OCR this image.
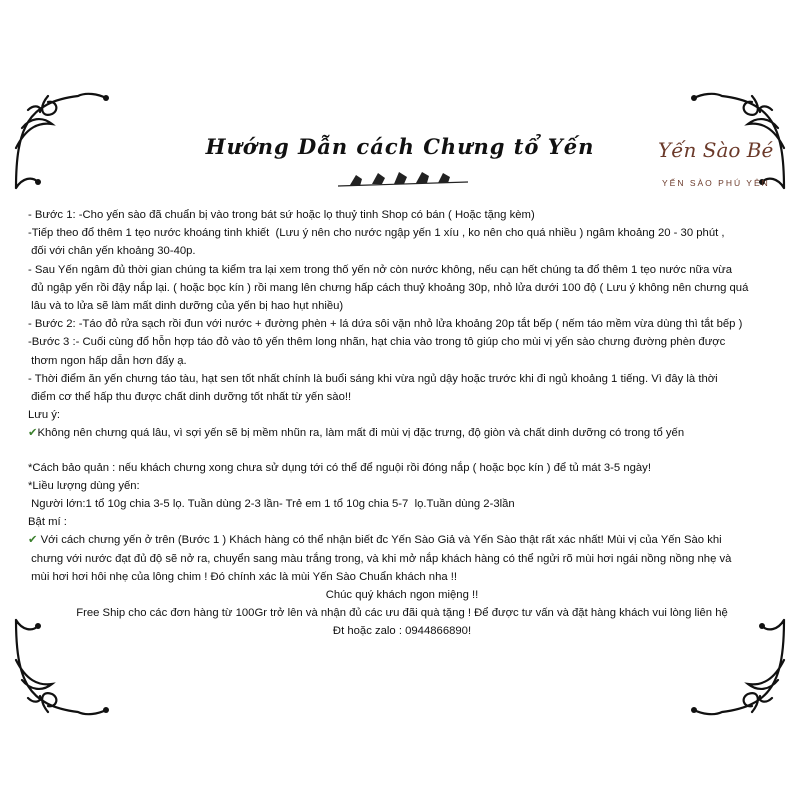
Hướng Dẫn cách Chưng tổ Yến	Yến Sào Bé
YẾN SÀO PHÚ YÊN

- Bước 1: -Cho yến sào đã chuẩn bị vào trong bát sứ hoặc lọ thuỷ tinh Shop có bán ( Hoặc tặng kèm)

-Tiếp theo đổ thêm 1 tẹo nước khoáng tinh khiết  (Lưu ý nên cho nước ngập yến 1 xíu , ko nên cho quá nhiều ) ngâm khoảng 20 - 30 phút ,

đối với chân yến khoảng 30-40p.

- Sau Yến ngâm đủ thời gian chúng ta kiểm tra lại xem trong thố yến nở còn nước không, nếu cạn hết chúng ta đổ thêm 1 tẹo nước nữa vừa

đủ ngập yến rồi đậy nắp lại. ( hoặc bọc kín ) rồi mang lên chưng hấp cách thuỷ khoảng 30p, nhỏ lửa dưới 100 độ ( Lưu ý không nên chưng quá

lâu và to lửa sẽ làm mất dinh dưỡng của yến bị hao hụt nhiều)

- Bước 2: -Táo đỏ rửa sạch rồi đun với nước + đường phèn + lá dứa sôi vặn nhỏ lửa khoảng 20p tắt bếp ( nếm táo mềm vừa dùng thì tắt bếp )

-Bước 3 :- Cuối cùng đổ hỗn hợp táo đỏ vào tô yến thêm long nhãn, hạt chia vào trong tô giúp cho mùi vị yến sào chưng đường phèn được

thơm ngon hấp dẫn hơn đấy ạ.

- Thời điểm ăn yến chưng táo tàu, hạt sen tốt nhất chính là buổi sáng khi vừa ngủ dậy hoặc trước khi đi ngủ khoảng 1 tiếng. Vì đây là thời

điểm cơ thể hấp thu được chất dinh dưỡng tốt nhất từ yến sào!!

Lưu ý:

✔Không nên chưng quá lâu, vì sợi yến sẽ bị mềm nhũn ra, làm mất đi mùi vị đặc trưng, độ giòn và chất dinh dưỡng có trong tổ yến

*Cách bảo quản : nếu khách chưng xong chưa sử dụng tới có thể để nguội rồi đóng nắp ( hoặc bọc kín ) để tủ mát 3-5 ngày!

*Liều lượng dùng yến:

Người lớn:1 tổ 10g chia 3-5 lọ. Tuần dùng 2-3 lần- Trẻ em 1 tổ 10g chia 5-7  lọ.Tuần dùng 2-3lần

Bật mí :

✔ Với cách chưng yến ở trên (Bước 1 ) Khách hàng có thể nhận biết đc Yến Sào Giả và Yến Sào thật rất xác nhất! Mùi vị của Yến Sào khi

chưng với nước đạt đủ độ sẽ nở ra, chuyển sang màu trắng trong, và khi mở nắp khách hàng có thể ngửi rõ mùi hơi ngái nồng nồng nhẹ và

mùi hơi hơi hôi nhẹ của lông chim ! Đó chính xác là mùi Yến Sào Chuẩn khách nha !!

Chúc quý khách ngon miệng !!

Free Ship cho các đơn hàng từ 100Gr trở lên và nhận đủ các ưu đãi quà tặng ! Để được tư vấn và đặt hàng khách vui lòng liên hệ

Đt hoặc zalo : 0944866890!
